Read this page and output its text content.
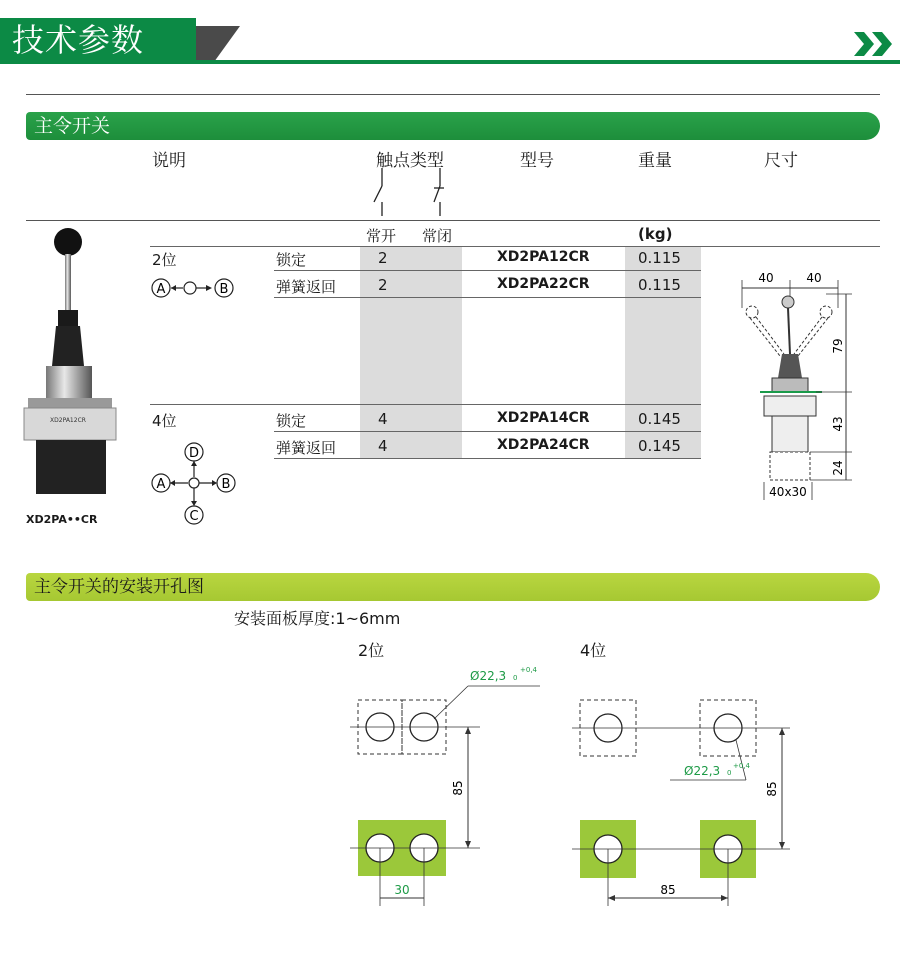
技术参数
主令开关
说明	触点类型	型号	重量	尺寸
常开 常闭	(kg)
2位	锁定	2	XD2PA12CR	0.115
弹簧返回	2	XD2PA22CR	0.115
A	B
4位	锁定	4	XD2PA14CR	0.145
弹簧返回	4	XD2PA24CR	0.145
D
A	B
C
XD2PA12CR
XD2PA••CR
40	40
79
43
24
40x30
主令开关的安装开孔图
安装面板厚度:1~6mm
2位	4位
85
30
Ø22,3 +0,4
0
85
85
Ø22,3 +0,4
0
